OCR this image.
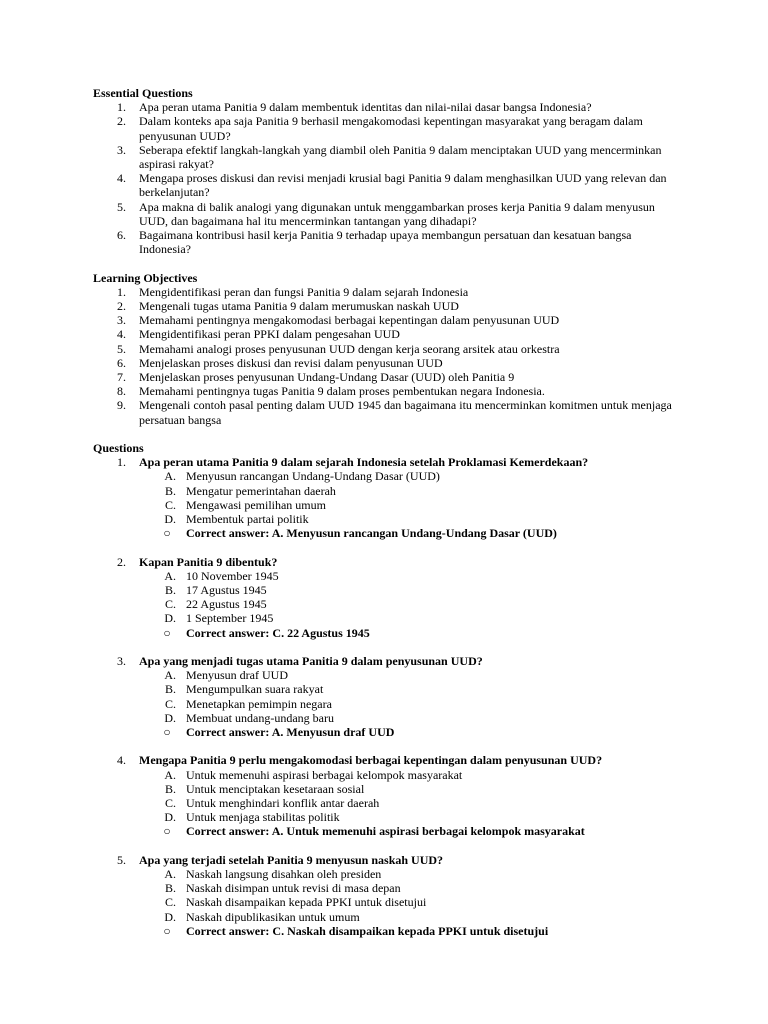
Essential Questions
1. Apa peran utama Panitia 9 dalam membentuk identitas dan nilai-nilai dasar bangsa Indonesia?
2. Dalam konteks apa saja Panitia 9 berhasil mengakomodasi kepentingan masyarakat yang beragam dalam penyusunan UUD?
3. Seberapa efektif langkah-langkah yang diambil oleh Panitia 9 dalam menciptakan UUD yang mencerminkan aspirasi rakyat?
4. Mengapa proses diskusi dan revisi menjadi krusial bagi Panitia 9 dalam menghasilkan UUD yang relevan dan berkelanjutan?
5. Apa makna di balik analogi yang digunakan untuk menggambarkan proses kerja Panitia 9 dalam menyusun UUD, dan bagaimana hal itu mencerminkan tantangan yang dihadapi?
6. Bagaimana kontribusi hasil kerja Panitia 9 terhadap upaya membangun persatuan dan kesatuan bangsa Indonesia?
Learning Objectives
1. Mengidentifikasi peran dan fungsi Panitia 9 dalam sejarah Indonesia
2. Mengenali tugas utama Panitia 9 dalam merumuskan naskah UUD
3. Memahami pentingnya mengakomodasi berbagai kepentingan dalam penyusunan UUD
4. Mengidentifikasi peran PPKI dalam pengesahan UUD
5. Memahami analogi proses penyusunan UUD dengan kerja seorang arsitek atau orkestra
6. Menjelaskan proses diskusi dan revisi dalam penyusunan UUD
7. Menjelaskan proses penyusunan Undang-Undang Dasar (UUD) oleh Panitia 9
8. Memahami pentingnya tugas Panitia 9 dalam proses pembentukan negara Indonesia.
9. Mengenali contoh pasal penting dalam UUD 1945 dan bagaimana itu mencerminkan komitmen untuk menjaga persatuan bangsa
Questions
1. Apa peran utama Panitia 9 dalam sejarah Indonesia setelah Proklamasi Kemerdekaan?
A. Menyusun rancangan Undang-Undang Dasar (UUD)
B. Mengatur pemerintahan daerah
C. Mengawasi pemilihan umum
D. Membentuk partai politik
○ Correct answer: A. Menyusun rancangan Undang-Undang Dasar (UUD)
2. Kapan Panitia 9 dibentuk?
A. 10 November 1945
B. 17 Agustus 1945
C. 22 Agustus 1945
D. 1 September 1945
○ Correct answer: C. 22 Agustus 1945
3. Apa yang menjadi tugas utama Panitia 9 dalam penyusunan UUD?
A. Menyusun draf UUD
B. Mengumpulkan suara rakyat
C. Menetapkan pemimpin negara
D. Membuat undang-undang baru
○ Correct answer: A. Menyusun draf UUD
4. Mengapa Panitia 9 perlu mengakomodasi berbagai kepentingan dalam penyusunan UUD?
A. Untuk memenuhi aspirasi berbagai kelompok masyarakat
B. Untuk menciptakan kesetaraan sosial
C. Untuk menghindari konflik antar daerah
D. Untuk menjaga stabilitas politik
○ Correct answer: A. Untuk memenuhi aspirasi berbagai kelompok masyarakat
5. Apa yang terjadi setelah Panitia 9 menyusun naskah UUD?
A. Naskah langsung disahkan oleh presiden
B. Naskah disimpan untuk revisi di masa depan
C. Naskah disampaikan kepada PPKI untuk disetujui
D. Naskah dipublikasikan untuk umum
○ Correct answer: C. Naskah disampaikan kepada PPKI untuk disetujui
